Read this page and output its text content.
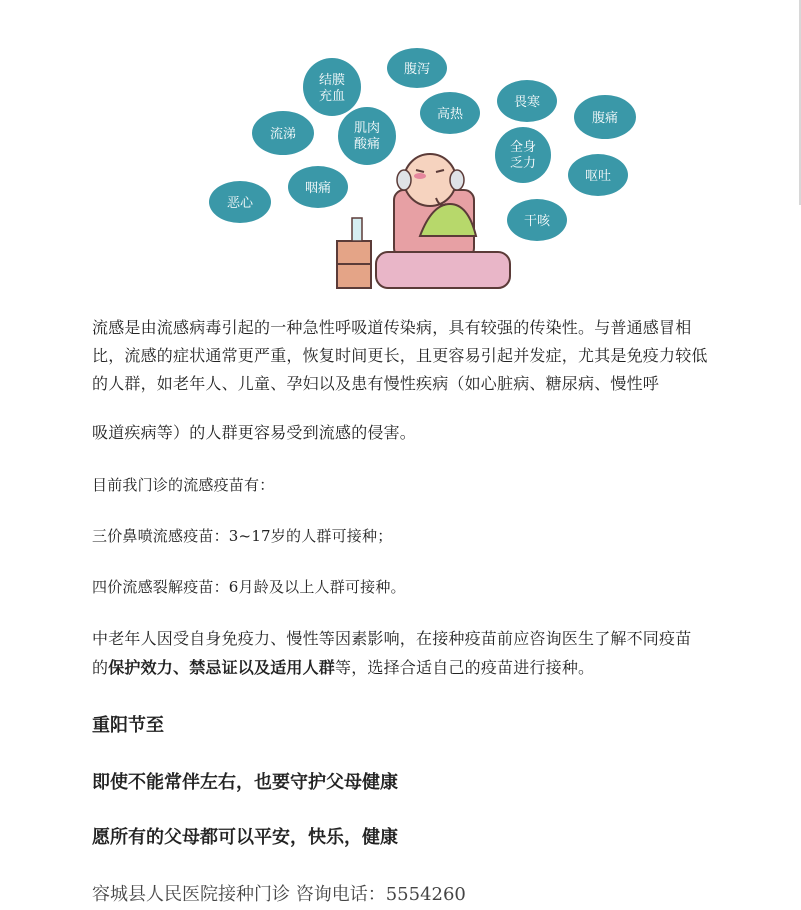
结膜
充血
腹泻
流涕	肌肉
酸痛
高热
畏寒
腹痛
全身
乏力
恶心
咽痛
呕吐
干咳
流感是由流感病毒引起的一种急性呼吸道传染病，具有较强的传染性。与普通感冒相
比，流感的症状通常更严重，恢复时间更长，且更容易引起并发症，尤其是免疫力较低
的人群，如老年人、儿童、孕妇以及患有慢性疾病（如心脏病、糖尿病、慢性呼

吸道疾病等）的人群更容易受到流感的侵害。

目前我门诊的流感疫苗有：

三价鼻喷流感疫苗：3~17岁的人群可接种；

四价流感裂解疫苗：6月龄及以上人群可接种。

中老年人因受自身免疫力、慢性等因素影响，在接种疫苗前应咨询医生了解不同疫苗
的保护效力、禁忌证以及适用人群等，选择合适自己的疫苗进行接种。

重阳节至

即使不能常伴左右，也要守护父母健康

愿所有的父母都可以平安，快乐，健康

容城县人民医院接种门诊 咨询电话：5554260
